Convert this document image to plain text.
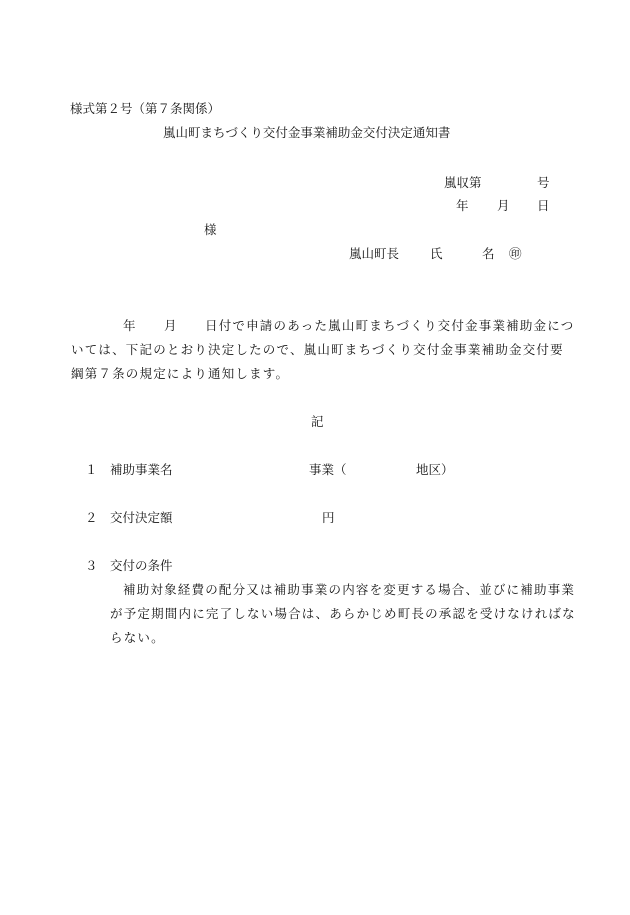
様式第２号（第７条関係）
嵐山町まちづくり交付金事業補助金交付決定通知書
嵐収第	号
年 月 日
様
嵐山町長 氏	名 ㊞
年 月 日付で申請のあった嵐山町まちづくり交付金事業補助金につ
いては、下記のとおり決定したので、嵐山町まちづくり交付金事業補助金交付要
綱第７条の規定により通知します。
記
１ 補助事業名	事業（	地区）
２ 交付決定額	円
３ 交付の条件
補助対象経費の配分又は補助事業の内容を変更する場合、並びに補助事業
が予定期間内に完了しない場合は、あらかじめ町長の承認を受けなければな
らない。
